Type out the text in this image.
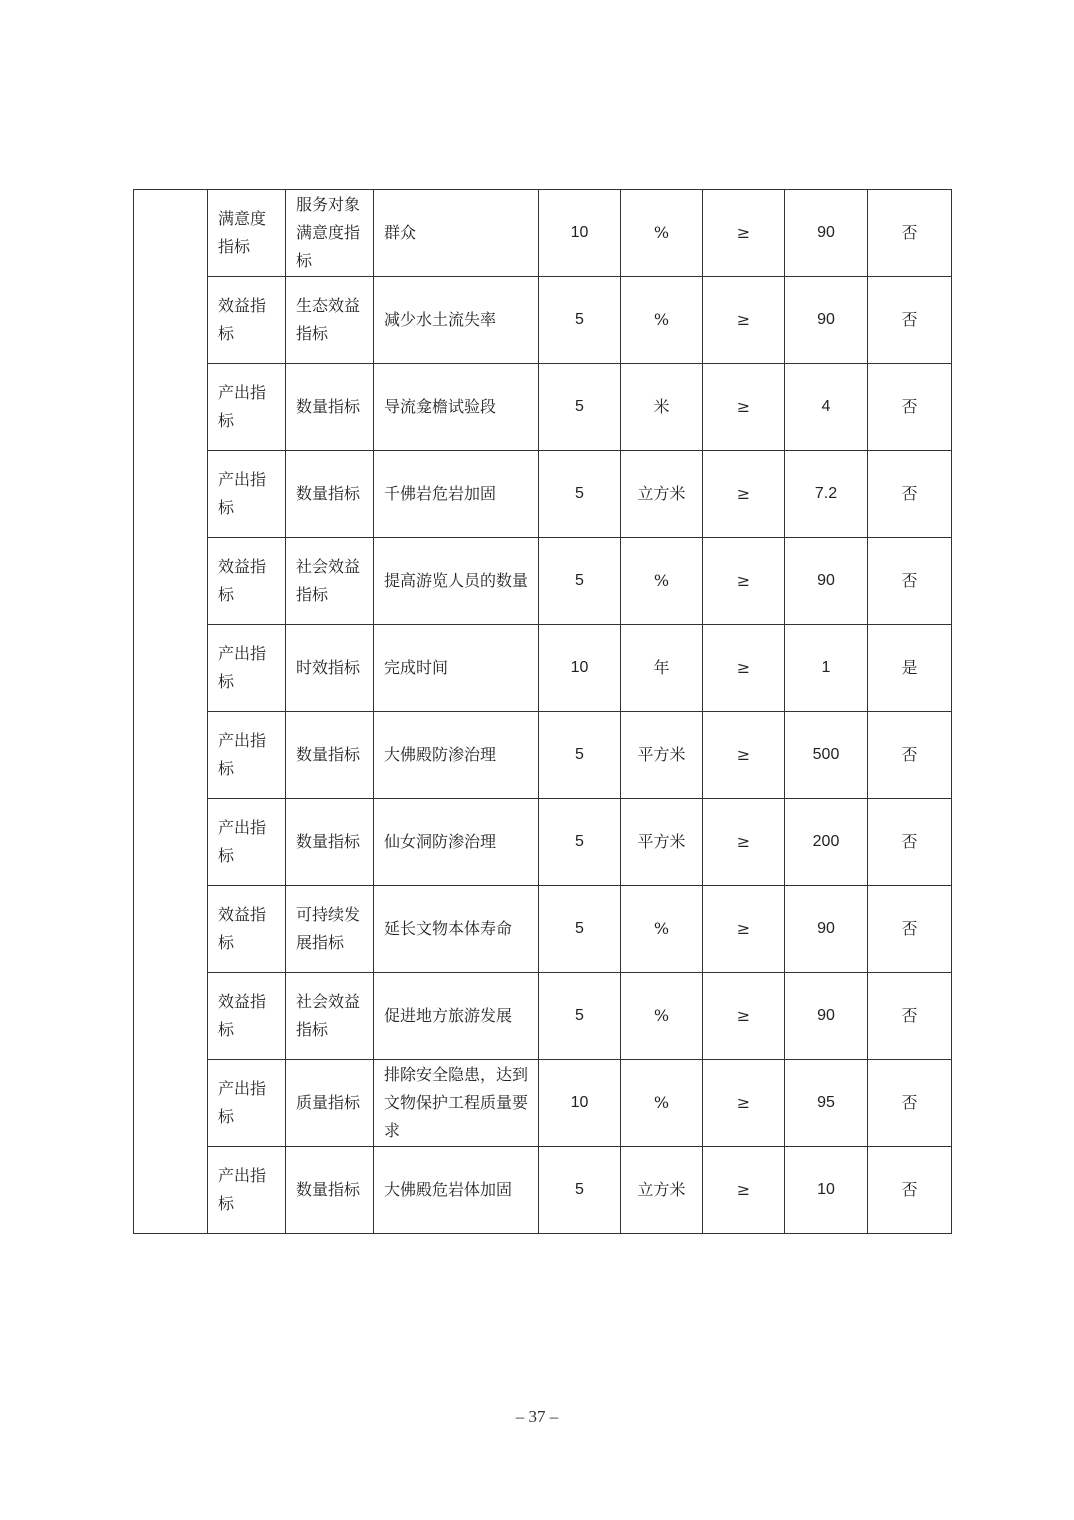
	满意度指标	服务对象满意度指标	群众	10	%	≥	90	否
	效益指标	生态效益指标	减少水土流失率	5	%	≥	90	否
	产出指标	数量指标	导流龛檐试验段	5	米	≥	4	否
	产出指标	数量指标	千佛岩危岩加固	5	立方米	≥	7.2	否
	效益指标	社会效益指标	提高游览人员的数量	5	%	≥	90	否
	产出指标	时效指标	完成时间	10	年	≥	1	是
	产出指标	数量指标	大佛殿防渗治理	5	平方米	≥	500	否
	产出指标	数量指标	仙女洞防渗治理	5	平方米	≥	200	否
	效益指标	可持续发展指标	延长文物本体寿命	5	%	≥	90	否
	效益指标	社会效益指标	促进地方旅游发展	5	%	≥	90	否
	产出指标	质量指标	排除安全隐患，达到文物保护工程质量要求	10	%	≥	95	否
	产出指标	数量指标	大佛殿危岩体加固	5	立方米	≥	10	否
– 37 –
